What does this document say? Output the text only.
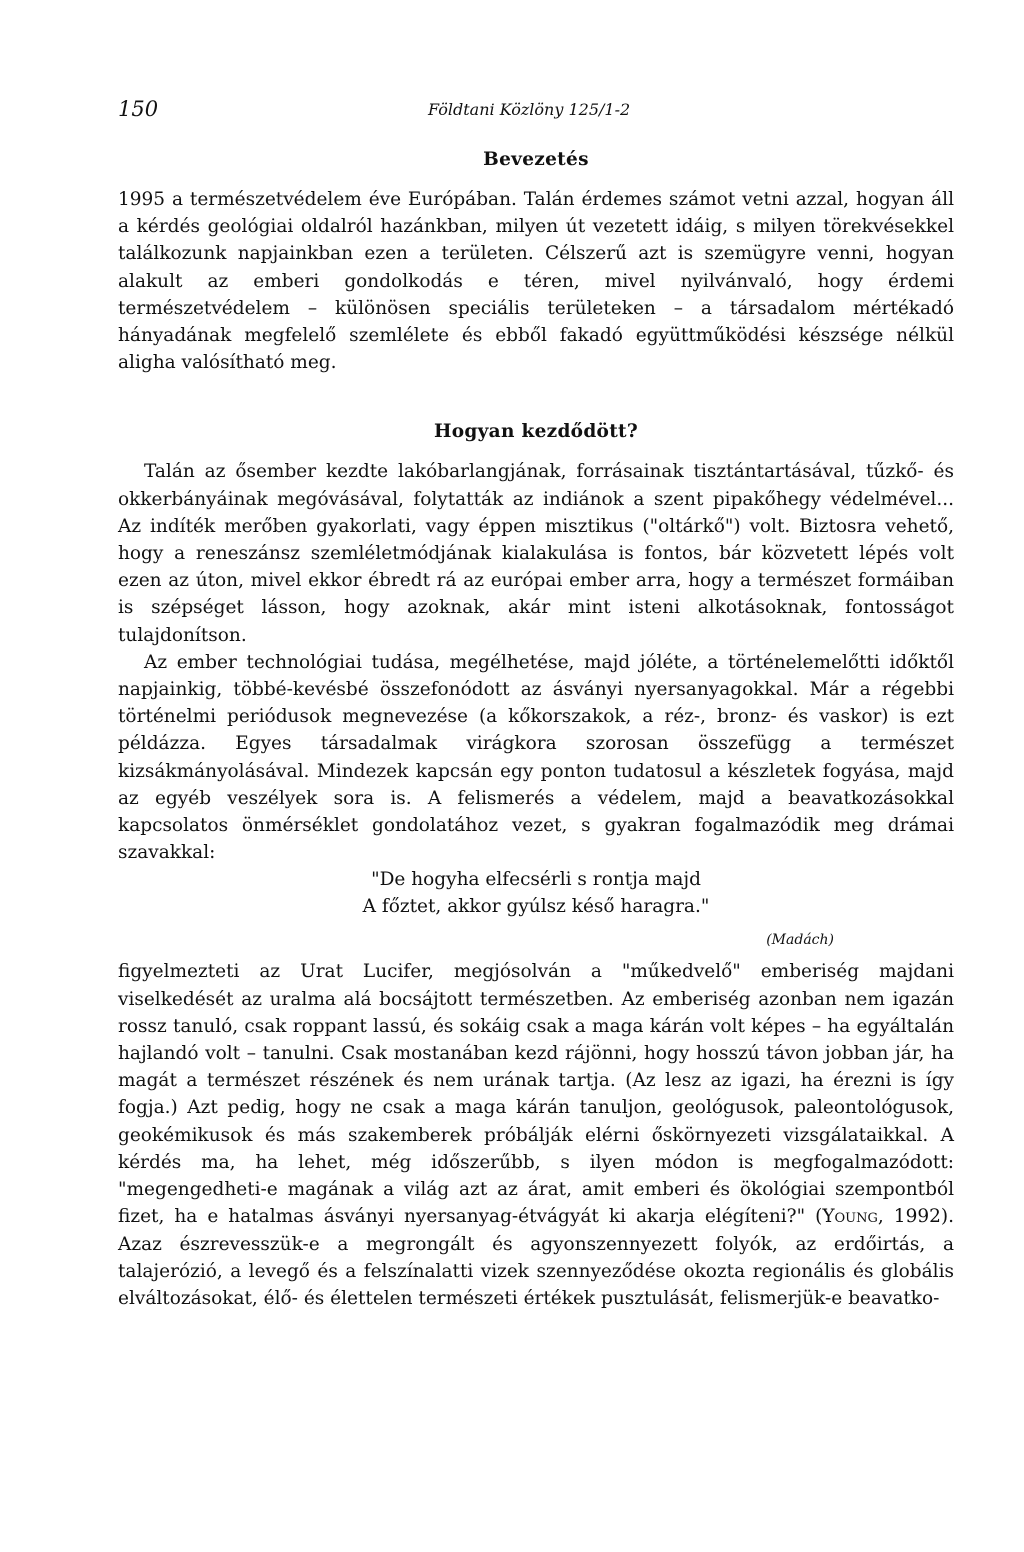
150	Földtani Közlöny 125/1-2
Bevezetés

1995 a természetvédelem éve Európában. Talán érdemes számot vetni azzal, hogyan áll a kérdés geológiai oldalról hazánkban, milyen út vezetett idáig, s milyen törekvésekkel találkozunk napjainkban ezen a területen. Célszerű azt is szemügyre venni, hogyan alakult az emberi gondolkodás e téren, mivel nyilvánvaló, hogy érdemi természetvédelem – különösen speciális területeken – a társadalom mértékadó hányadának megfelelő szemlélete és ebből fakadó együttműködési készsége nélkül aligha valósítható meg.

Hogyan kezdődött?

Talán az ősember kezdte lakóbarlangjának, forrásainak tisztántartásával, tűzkő- és okkerbányáinak megóvásával, folytatták az indiánok a szent pipakőhegy védelmével... Az indíték merőben gyakorlati, vagy éppen misztikus ("oltárkő") volt. Biztosra vehető, hogy a reneszánsz szemléletmódjának kialakulása is fontos, bár közvetett lépés volt ezen az úton, mivel ekkor ébredt rá az európai ember arra, hogy a természet formáiban is szépséget lásson, hogy azoknak, akár mint isteni alkotásoknak, fontosságot tulajdonítson.

Az ember technológiai tudása, megélhetése, majd jóléte, a történelemelőtti időktől napjainkig, többé-kevésbé összefonódott az ásványi nyersanyagokkal. Már a régebbi történelmi periódusok megnevezése (a kőkorszakok, a réz-, bronz- és vaskor) is ezt példázza. Egyes társadalmak virágkora szorosan összefügg a természet kizsákmányolásával. Mindezek kapcsán egy ponton tudatosul a készletek fogyása, majd az egyéb veszélyek sora is. A felismerés a védelem, majd a beavatkozásokkal kapcsolatos önmérséklet gondolatához vezet, s gyakran fogalmazódik meg drámai szavakkal:

"De hogyha elfecsérli s rontja majd
A főztet, akkor gyúlsz késő haragra."
(Madách)

figyelmezteti az Urat Lucifer, megjósolván a "műkedvelő" emberiség majdani viselkedését az uralma alá bocsájtott természetben. Az emberiség azonban nem igazán rossz tanuló, csak roppant lassú, és sokáig csak a maga kárán volt képes – ha egyáltalán hajlandó volt – tanulni. Csak mostanában kezd rájönni, hogy hosszú távon jobban jár, ha magát a természet részének és nem urának tartja. (Az lesz az igazi, ha érezni is így fogja.) Azt pedig, hogy ne csak a maga kárán tanuljon, geológusok, paleontológusok, geokémikusok és más szakemberek próbálják elérni őskörnyezeti vizsgálataikkal. A kérdés ma, ha lehet, még időszerűbb, s ilyen módon is megfogalmazódott: "megengedheti-e magának a világ azt az árat, amit emberi és ökológiai szempontból fizet, ha e hatalmas ásványi nyersanyag-étvágyát ki akarja elégíteni?" (Young, 1992). Azaz észrevesszük-e a megrongált és agyonszennyezett folyók, az erdőirtás, a talajerózió, a levegő és a felszínalatti vizek szennyeződése okozta regionális és globális elváltozásokat, élő- és élettelen természeti értékek pusztulását, felismerjük-e beavatko-
